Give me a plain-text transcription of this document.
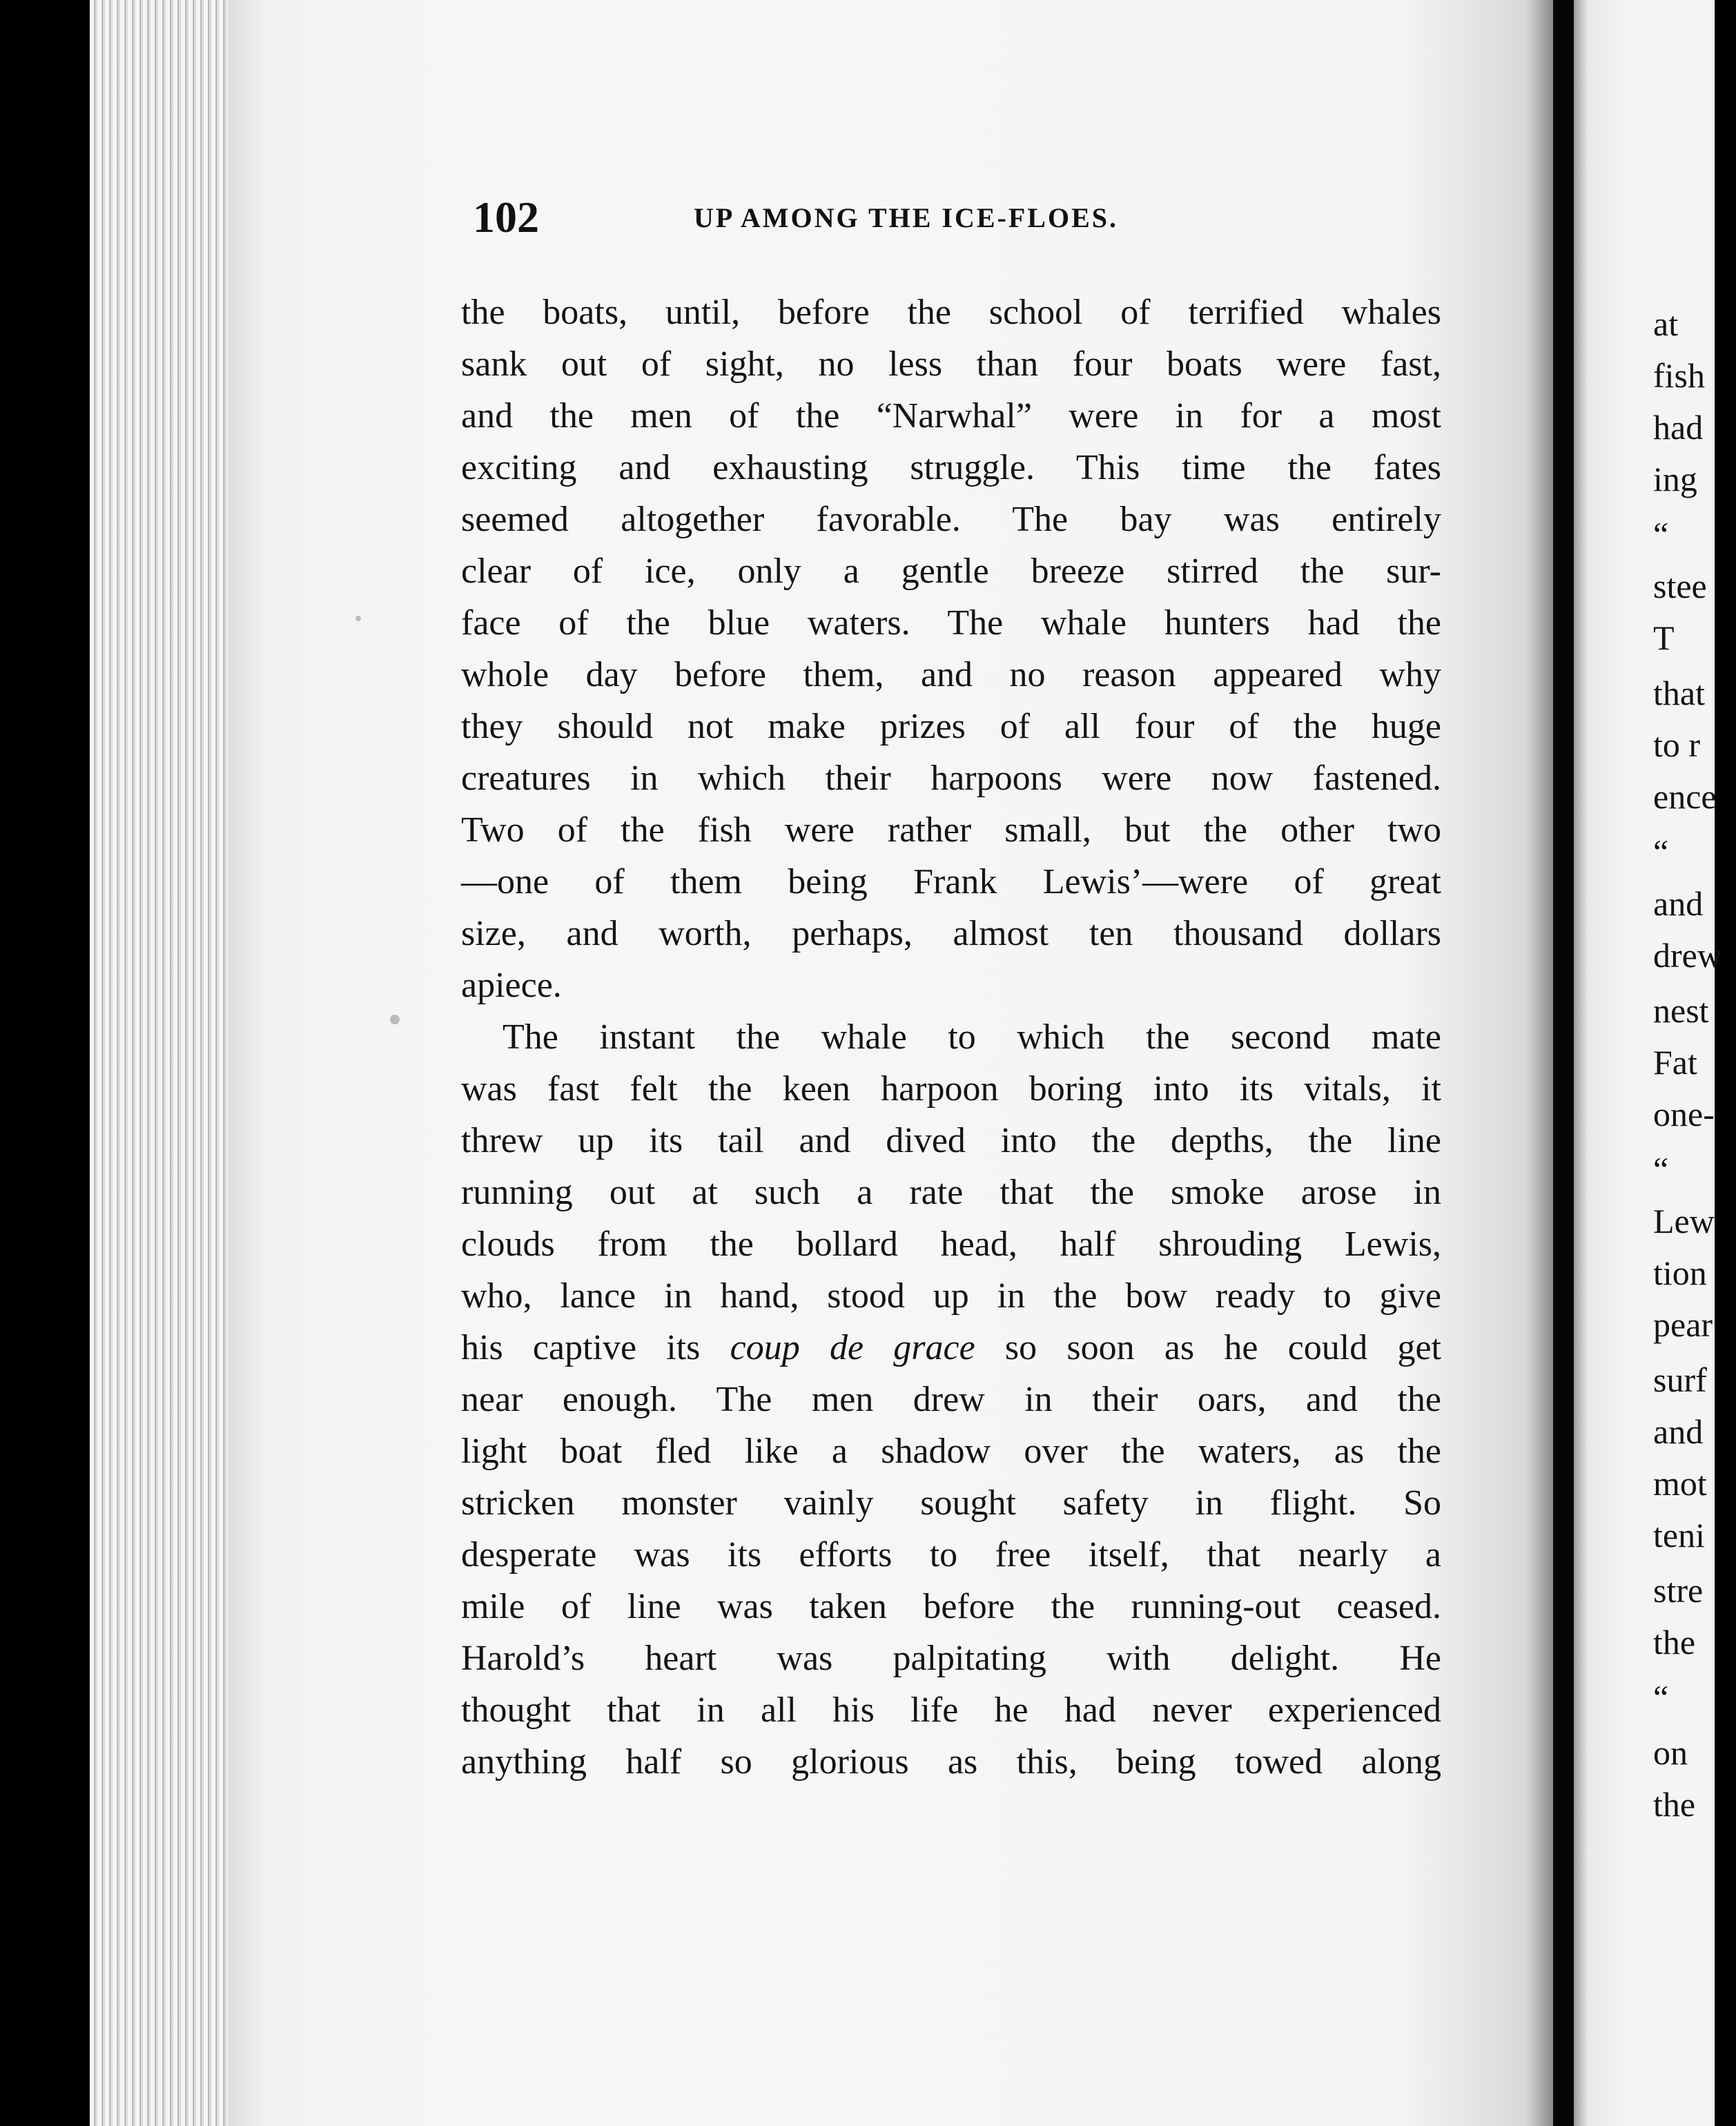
102	UP AMONG THE ICE-FLOES.
the boats, until, before the school of terrified whales
sank out of sight, no less than four boats were fast,
and the men of the “Narwhal” were in for a most
exciting and exhausting struggle. This time the fates
seemed altogether favorable. The bay was entirely
clear of ice, only a gentle breeze stirred the sur-
face of the blue waters. The whale hunters had the
whole day before them, and no reason appeared why
they should not make prizes of all four of the huge
creatures in which their harpoons were now fastened.
Two of the fish were rather small, but the other two
—one of them being Frank Lewis’—were of great
size, and worth, perhaps, almost ten thousand dollars
apiece.
The instant the whale to which the second mate
was fast felt the keen harpoon boring into its vitals, it
threw up its tail and dived into the depths, the line
running out at such a rate that the smoke arose in
clouds from the bollard head, half shrouding Lewis,
who, lance in hand, stood up in the bow ready to give
his captive its coup de grace so soon as he could get
near enough. The men drew in their oars, and the
light boat fled like a shadow over the waters, as the
stricken monster vainly sought safety in flight. So
desperate was its efforts to free itself, that nearly a
mile of line was taken before the running-out ceased.
Harold’s heart was palpitating with delight. He
thought that in all his life he had never experienced
anything half so glorious as this, being towed along
at
fish
had
ing
“
stee
T
that
to r
ence
“
and
drew
nest
Fat
one-
“
Lew
tion
pear
surf
and
mot
teni
stre
the
“
on
the
